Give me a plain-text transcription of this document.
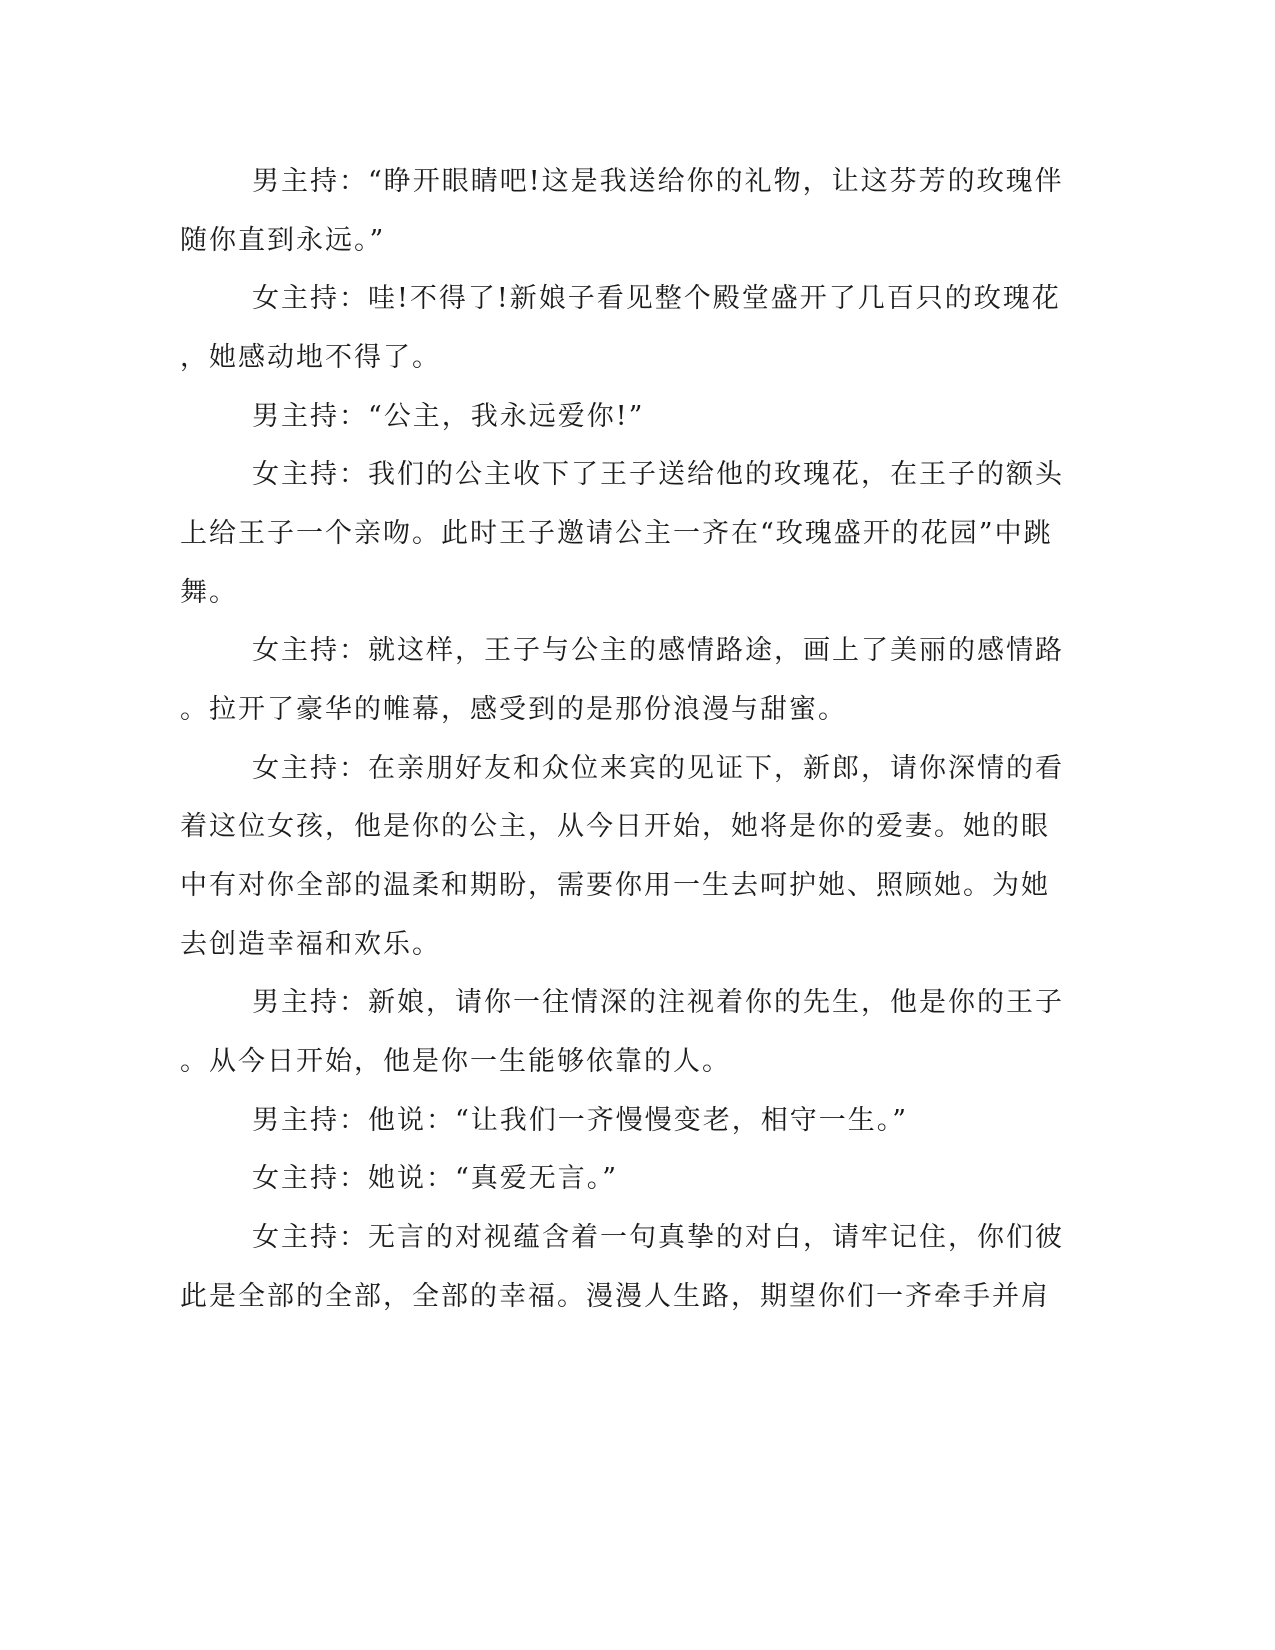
男主持：“睁开眼睛吧!这是我送给你的礼物，让这芬芳的玫瑰伴
随你直到永远。”
女主持：哇!不得了!新娘子看见整个殿堂盛开了几百只的玫瑰花
，她感动地不得了。
男主持：“公主，我永远爱你!”
女主持：我们的公主收下了王子送给他的玫瑰花，在王子的额头
上给王子一个亲吻。此时王子邀请公主一齐在“玫瑰盛开的花园”中跳
舞。
女主持：就这样，王子与公主的感情路途，画上了美丽的感情路
。拉开了豪华的帷幕，感受到的是那份浪漫与甜蜜。
女主持：在亲朋好友和众位来宾的见证下，新郎，请你深情的看
着这位女孩，他是你的公主，从今日开始，她将是你的爱妻。她的眼
中有对你全部的温柔和期盼，需要你用一生去呵护她、照顾她。为她
去创造幸福和欢乐。
男主持：新娘，请你一往情深的注视着你的先生，他是你的王子
。从今日开始，他是你一生能够依靠的人。
男主持：他说：“让我们一齐慢慢变老，相守一生。”
女主持：她说：“真爱无言。”
女主持：无言的对视蕴含着一句真挚的对白，请牢记住，你们彼
此是全部的全部，全部的幸福。漫漫人生路，期望你们一齐牵手并肩
